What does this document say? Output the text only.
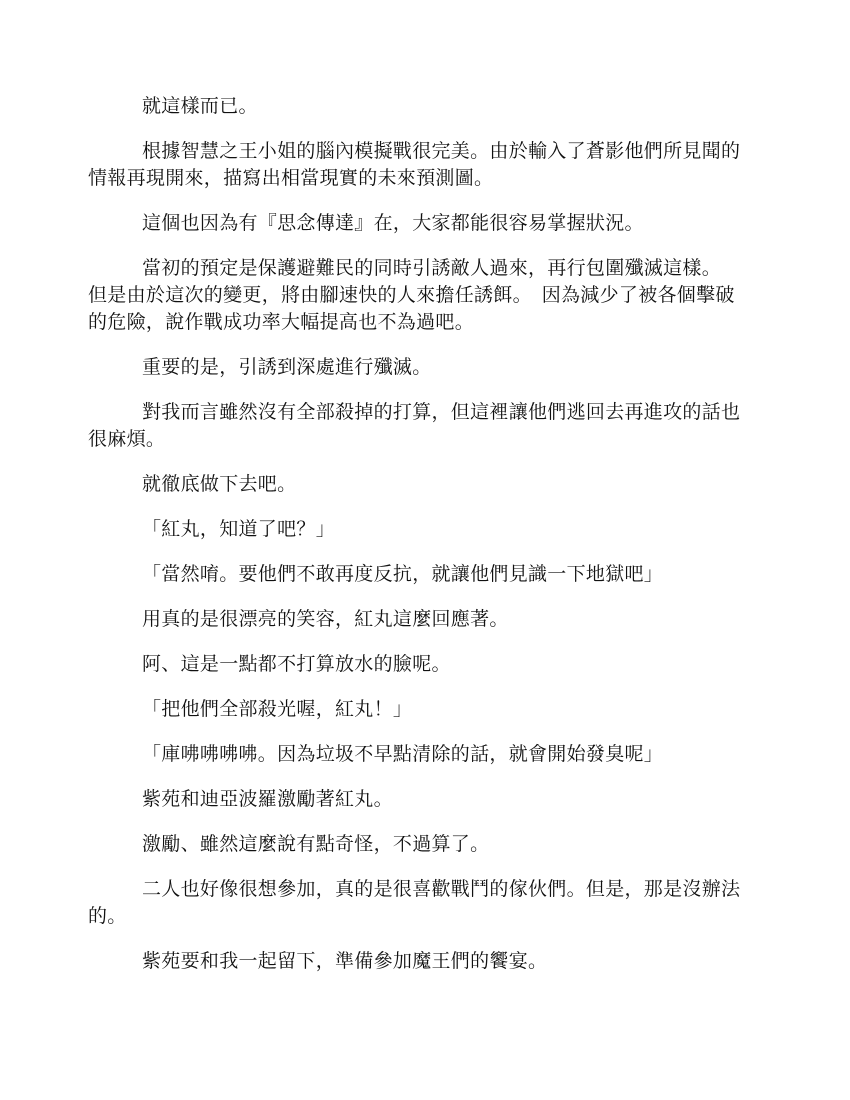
就這樣而已。

根據智慧之王小姐的腦內模擬戰很完美。由於輸入了蒼影他們所見聞的情報再現開來，描寫出相當現實的未來預測圖。

這個也因為有『思念傳達』在，大家都能很容易掌握狀況。

當初的預定是保護避難民的同時引誘敵人過來，再行包圍殲滅這樣。　但是由於這次的變更，將由腳速快的人來擔任誘餌。　因為減少了被各個擊破的危險，說作戰成功率大幅提高也不為過吧。

重要的是，引誘到深處進行殲滅。

對我而言雖然沒有全部殺掉的打算，但這裡讓他們逃回去再進攻的話也很麻煩。

就徹底做下去吧。

「紅丸，知道了吧？」

「當然唷。要他們不敢再度反抗，就讓他們見識一下地獄吧」

用真的是很漂亮的笑容，紅丸這麼回應著。

阿、這是一點都不打算放水的臉呢。

「把他們全部殺光喔，紅丸！」

「庫咈咈咈咈。因為垃圾不早點清除的話，就會開始發臭呢」

紫苑和迪亞波羅激勵著紅丸。

激勵、雖然這麼說有點奇怪，不過算了。

二人也好像很想參加，真的是很喜歡戰鬥的傢伙們。但是，那是沒辦法的。

紫苑要和我一起留下，準備參加魔王們的饗宴。
